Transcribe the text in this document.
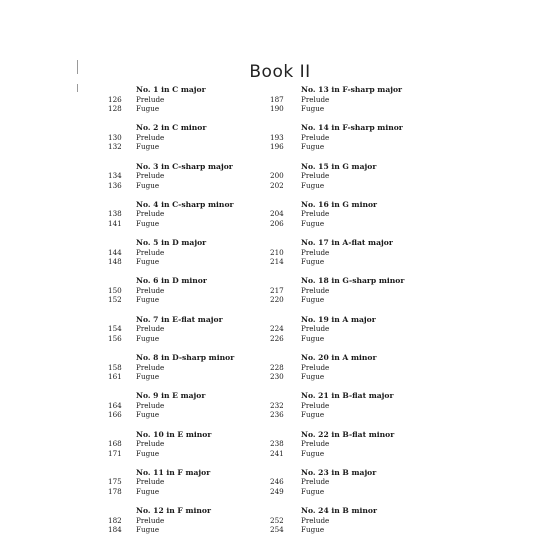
Book II
No. 1 in C major
126 Prelude
128 Fugue
No. 2 in C minor
130 Prelude
132 Fugue
No. 3 in C-sharp major
134 Prelude
136 Fugue
No. 4 in C-sharp minor
138 Prelude
141 Fugue
No. 5 in D major
144 Prelude
148 Fugue
No. 6 in D minor
150 Prelude
152 Fugue
No. 7 in E-flat major
154 Prelude
156 Fugue
No. 8 in D-sharp minor
158 Prelude
161 Fugue
No. 9 in E major
164 Prelude
166 Fugue
No. 10 in E minor
168 Prelude
171 Fugue
No. 11 in F major
175 Prelude
178 Fugue
No. 12 in F minor
182 Prelude
184 Fugue
No. 13 in F-sharp major
187 Prelude
190 Fugue
No. 14 in F-sharp minor
193 Prelude
196 Fugue
No. 15 in G major
200 Prelude
202 Fugue
No. 16 in G minor
204 Prelude
206 Fugue
No. 17 in A-flat major
210 Prelude
214 Fugue
No. 18 in G-sharp minor
217 Prelude
220 Fugue
No. 19 in A major
224 Prelude
226 Fugue
No. 20 in A minor
228 Prelude
230 Fugue
No. 21 in B-flat major
232 Prelude
236 Fugue
No. 22 in B-flat minor
238 Prelude
241 Fugue
No. 23 in B major
246 Prelude
249 Fugue
No. 24 in B minor
252 Prelude
254 Fugue
